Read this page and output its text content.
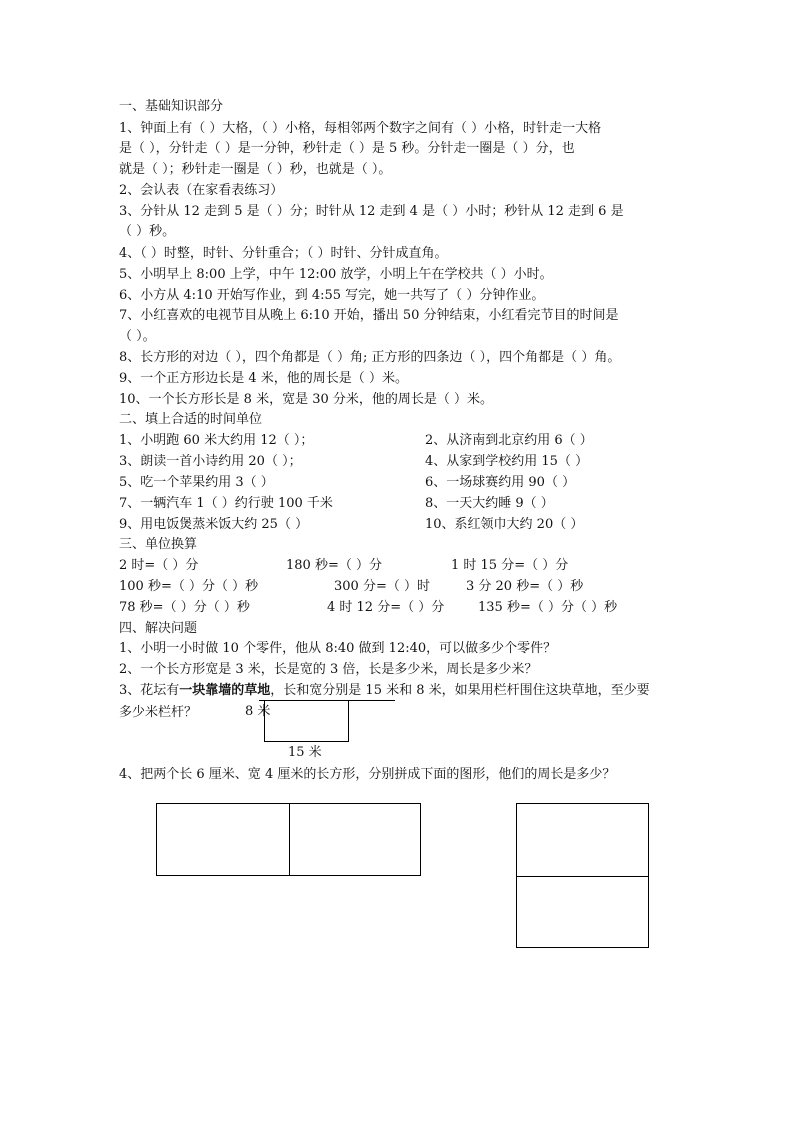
一、基础知识部分
1、钟面上有（ ）大格，（ ）小格，每相邻两个数字之间有（ ）小格，时针走一大格
是（ ），分针走（ ）是一分钟，秒针走（ ）是 5 秒。分针走一圈是（ ）分，也
就是（ ）；秒针走一圈是（ ）秒，也就是（ ）。
2、会认表（在家看表练习）
3、分针从 12 走到 5 是（ ）分；时针从 12 走到 4 是（ ）小时；秒针从 12 走到 6 是
（ ）秒。
4、（ ）时整，时针、分针重合；（ ）时针、分针成直角。
5、小明早上 8:00 上学，中午 12:00 放学，小明上午在学校共（ ）小时。
6、小方从 4:10 开始写作业，到 4:55 写完，她一共写了（ ）分钟作业。
7、小红喜欢的电视节目从晚上 6:10 开始，播出 50 分钟结束，小红看完节目的时间是
（ ）。
8、长方形的对边（ ），四个角都是（ ）角; 正方形的四条边（ ），四个角都是（ ）角。
9、一个正方形边长是 4 米，他的周长是（ ）米。
10、一个长方形长是 8 米，宽是 30 分米，他的周长是（ ）米。
二、填上合适的时间单位
1、小明跑 60 米大约用 12（ ）；	2、从济南到北京约用 6（ ）
3、朗读一首小诗约用 20（ ）；	4、从家到学校约用 15（ ）
5、吃一个苹果约用 3（ ）	6、一场球赛约用 90（ ）
7、一辆汽车 1（ ）约行驶 100 千米	8、一天大约睡 9（ ）
9、用电饭煲蒸米饭大约 25（ ）	10、系红领巾大约 20（ ）
三、单位换算
2 时=（ ）分	180 秒=（ ）分	1 时 15 分=（ ）分
100 秒=（ ）分（ ）秒	300 分=（ ）时	3 分 20 秒=（ ）秒
78 秒=（ ）分（ ）秒	4 时 12 分=（ ）分	135 秒=（ ）分（ ）秒
四、解决问题
1、小明一小时做 10 个零件，他从 8:40 做到 12:40，可以做多少个零件？
2、一个长方形宽是 3 米，长是宽的 3 倍，长是多少米，周长是多少米？
3、花坛有一块靠墙的草地，长和宽分别是 15 米和 8 米，如果用栏杆围住这块草地，至少要
多少米栏杆？	8 米
15 米
4、把两个长 6 厘米、宽 4 厘米的长方形，分别拼成下面的图形，他们的周长是多少？
